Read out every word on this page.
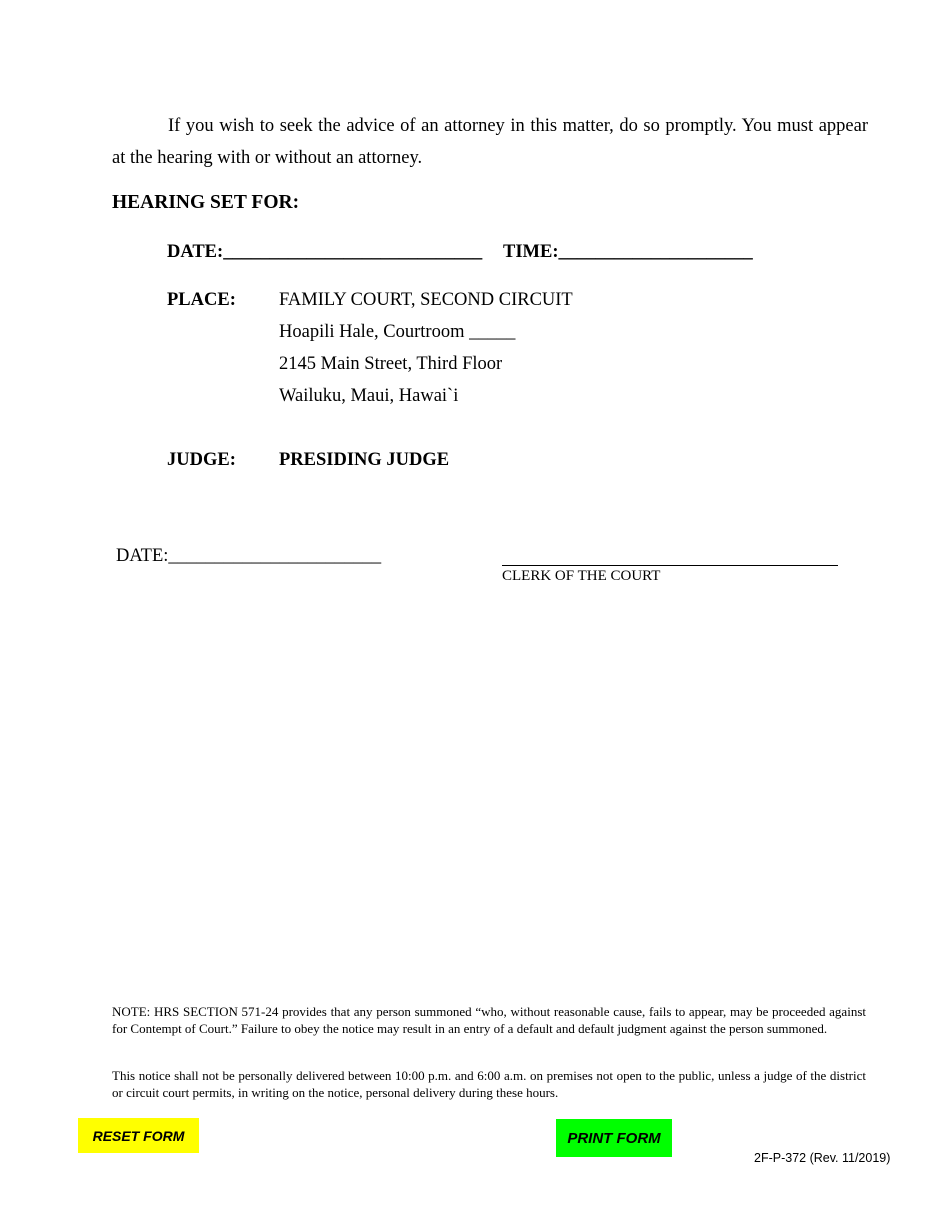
If you wish to seek the advice of an attorney in this matter, do so promptly. You must appear at the hearing with or without an attorney.
HEARING SET FOR:
DATE:____________________________ TIME:_____________________
PLACE: FAMILY COURT, SECOND CIRCUIT
Hoapili Hale, Courtroom _____
2145 Main Street, Third Floor
Wailuku, Maui, Hawai`i
JUDGE: PRESIDING JUDGE
DATE:_______________________
CLERK OF THE COURT
NOTE: HRS SECTION 571-24 provides that any person summoned “who, without reasonable cause, fails to appear, may be proceeded against for Contempt of Court.” Failure to obey the notice may result in an entry of a default and default judgment against the person summoned.
This notice shall not be personally delivered between 10:00 p.m. and 6:00 a.m. on premises not open to the public, unless a judge of the district or circuit court permits, in writing on the notice, personal delivery during these hours.
RESET FORM	PRINT FORM
2F-P-372 (Rev. 11/2019)
